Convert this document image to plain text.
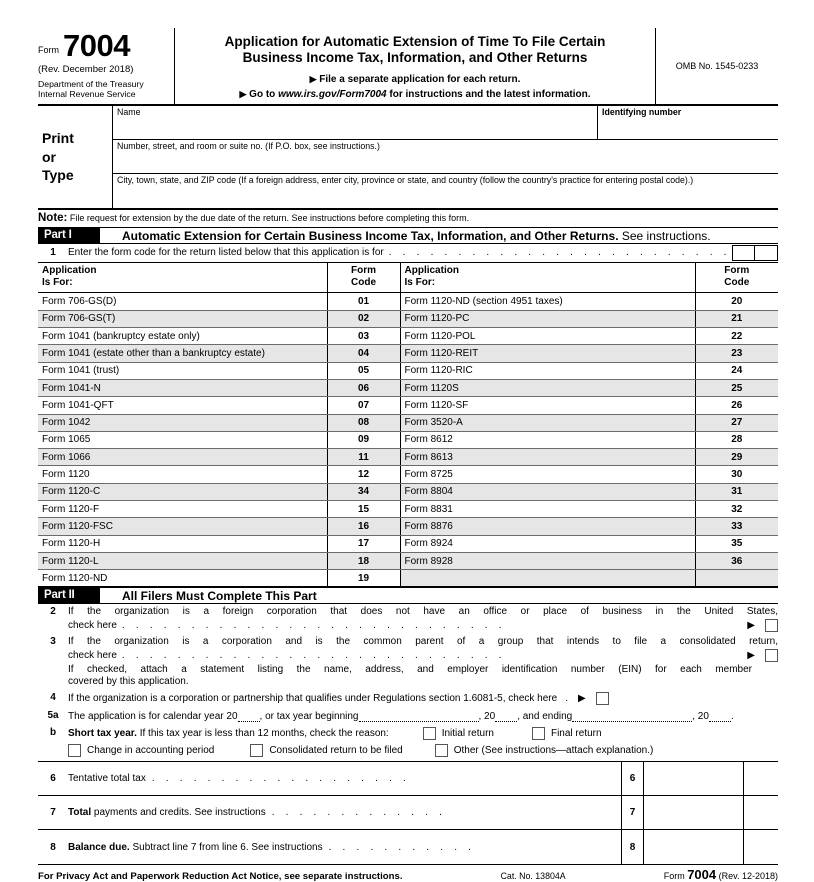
Form 7004
(Rev. December 2018)
Department of the Treasury
Internal Revenue Service
Application for Automatic Extension of Time To File Certain
Business Income Tax, Information, and Other Returns
▶ File a separate application for each return.
▶ Go to www.irs.gov/Form7004 for instructions and the latest information.
OMB No. 1545-0233
Print
or
Type
Name	Identifying number
Number, street, and room or suite no. (If P.O. box, see instructions.)
City, town, state, and ZIP code (If a foreign address, enter city, province or state, and country (follow the country's practice for entering postal code).)
Note: File request for extension by the due date of the return. See instructions before completing this form.
Part I	Automatic Extension for Certain Business Income Tax, Information, and Other Returns. See instructions.
1	Enter the form code for the return listed below that this application is for . . . . . . . . . . . . . . . . . . . . . . . . .
Application
Is For:	Form
Code	Application
Is For:	Form
Code
Form 706-GS(D)	01	Form 1120-ND (section 4951 taxes)	20
Form 706-GS(T)	02	Form 1120-PC	21
Form 1041 (bankruptcy estate only)	03	Form 1120-POL	22
Form 1041 (estate other than a bankruptcy estate)	04	Form 1120-REIT	23
Form 1041 (trust)	05	Form 1120-RIC	24
Form 1041-N	06	Form 1120S	25
Form 1041-QFT	07	Form 1120-SF	26
Form 1042	08	Form 3520-A	27
Form 1065	09	Form 8612	28
Form 1066	11	Form 8613	29
Form 1120	12	Form 8725	30
Form 1120-C	34	Form 8804	31
Form 1120-F	15	Form 8831	32
Form 1120-FSC	16	Form 8876	33
Form 1120-H	17	Form 8924	35
Form 1120-L	18	Form 8928	36
Form 1120-ND	19		
Part II	All Filers Must Complete This Part
2	If the organization is a foreign corporation that does not have an office or place of business in the United States,
check here . . . . . . . . . . . . . . . . . . . . . . . . . . . .	▶
3	If the organization is a corporation and is the common parent of a group that intends to file a consolidated return,
check here . . . . . . . . . . . . . . . . . . . . . . . . . . . .	▶
If checked, attach a statement listing the name, address, and employer identification number (EIN) for each member
covered by this application.
4	If the organization is a corporation or partnership that qualifies under Regulations section 1.6081-5, check here .	▶
5a The application is for calendar year 20
, or tax year beginning
	, 20
, and ending
	, 20
.
b	Short tax year. If this tax year is less than 12 months, check the reason:	Initial return	Final return
Change in accounting period	Consolidated return to be filed	Other (See instructions—attach explanation.)
6	Tentative total tax . . . . . . . . . . . . . . . . . . .	6
7	Total payments and credits. See instructions . . . . . . . . . . . . .	7
8	Balance due. Subtract line 7 from line 6. See instructions . . . . . . . . . . .	8
For Privacy Act and Paperwork Reduction Act Notice, see separate instructions.	Cat. No. 13804A	Form 7004 (Rev. 12-2018)
